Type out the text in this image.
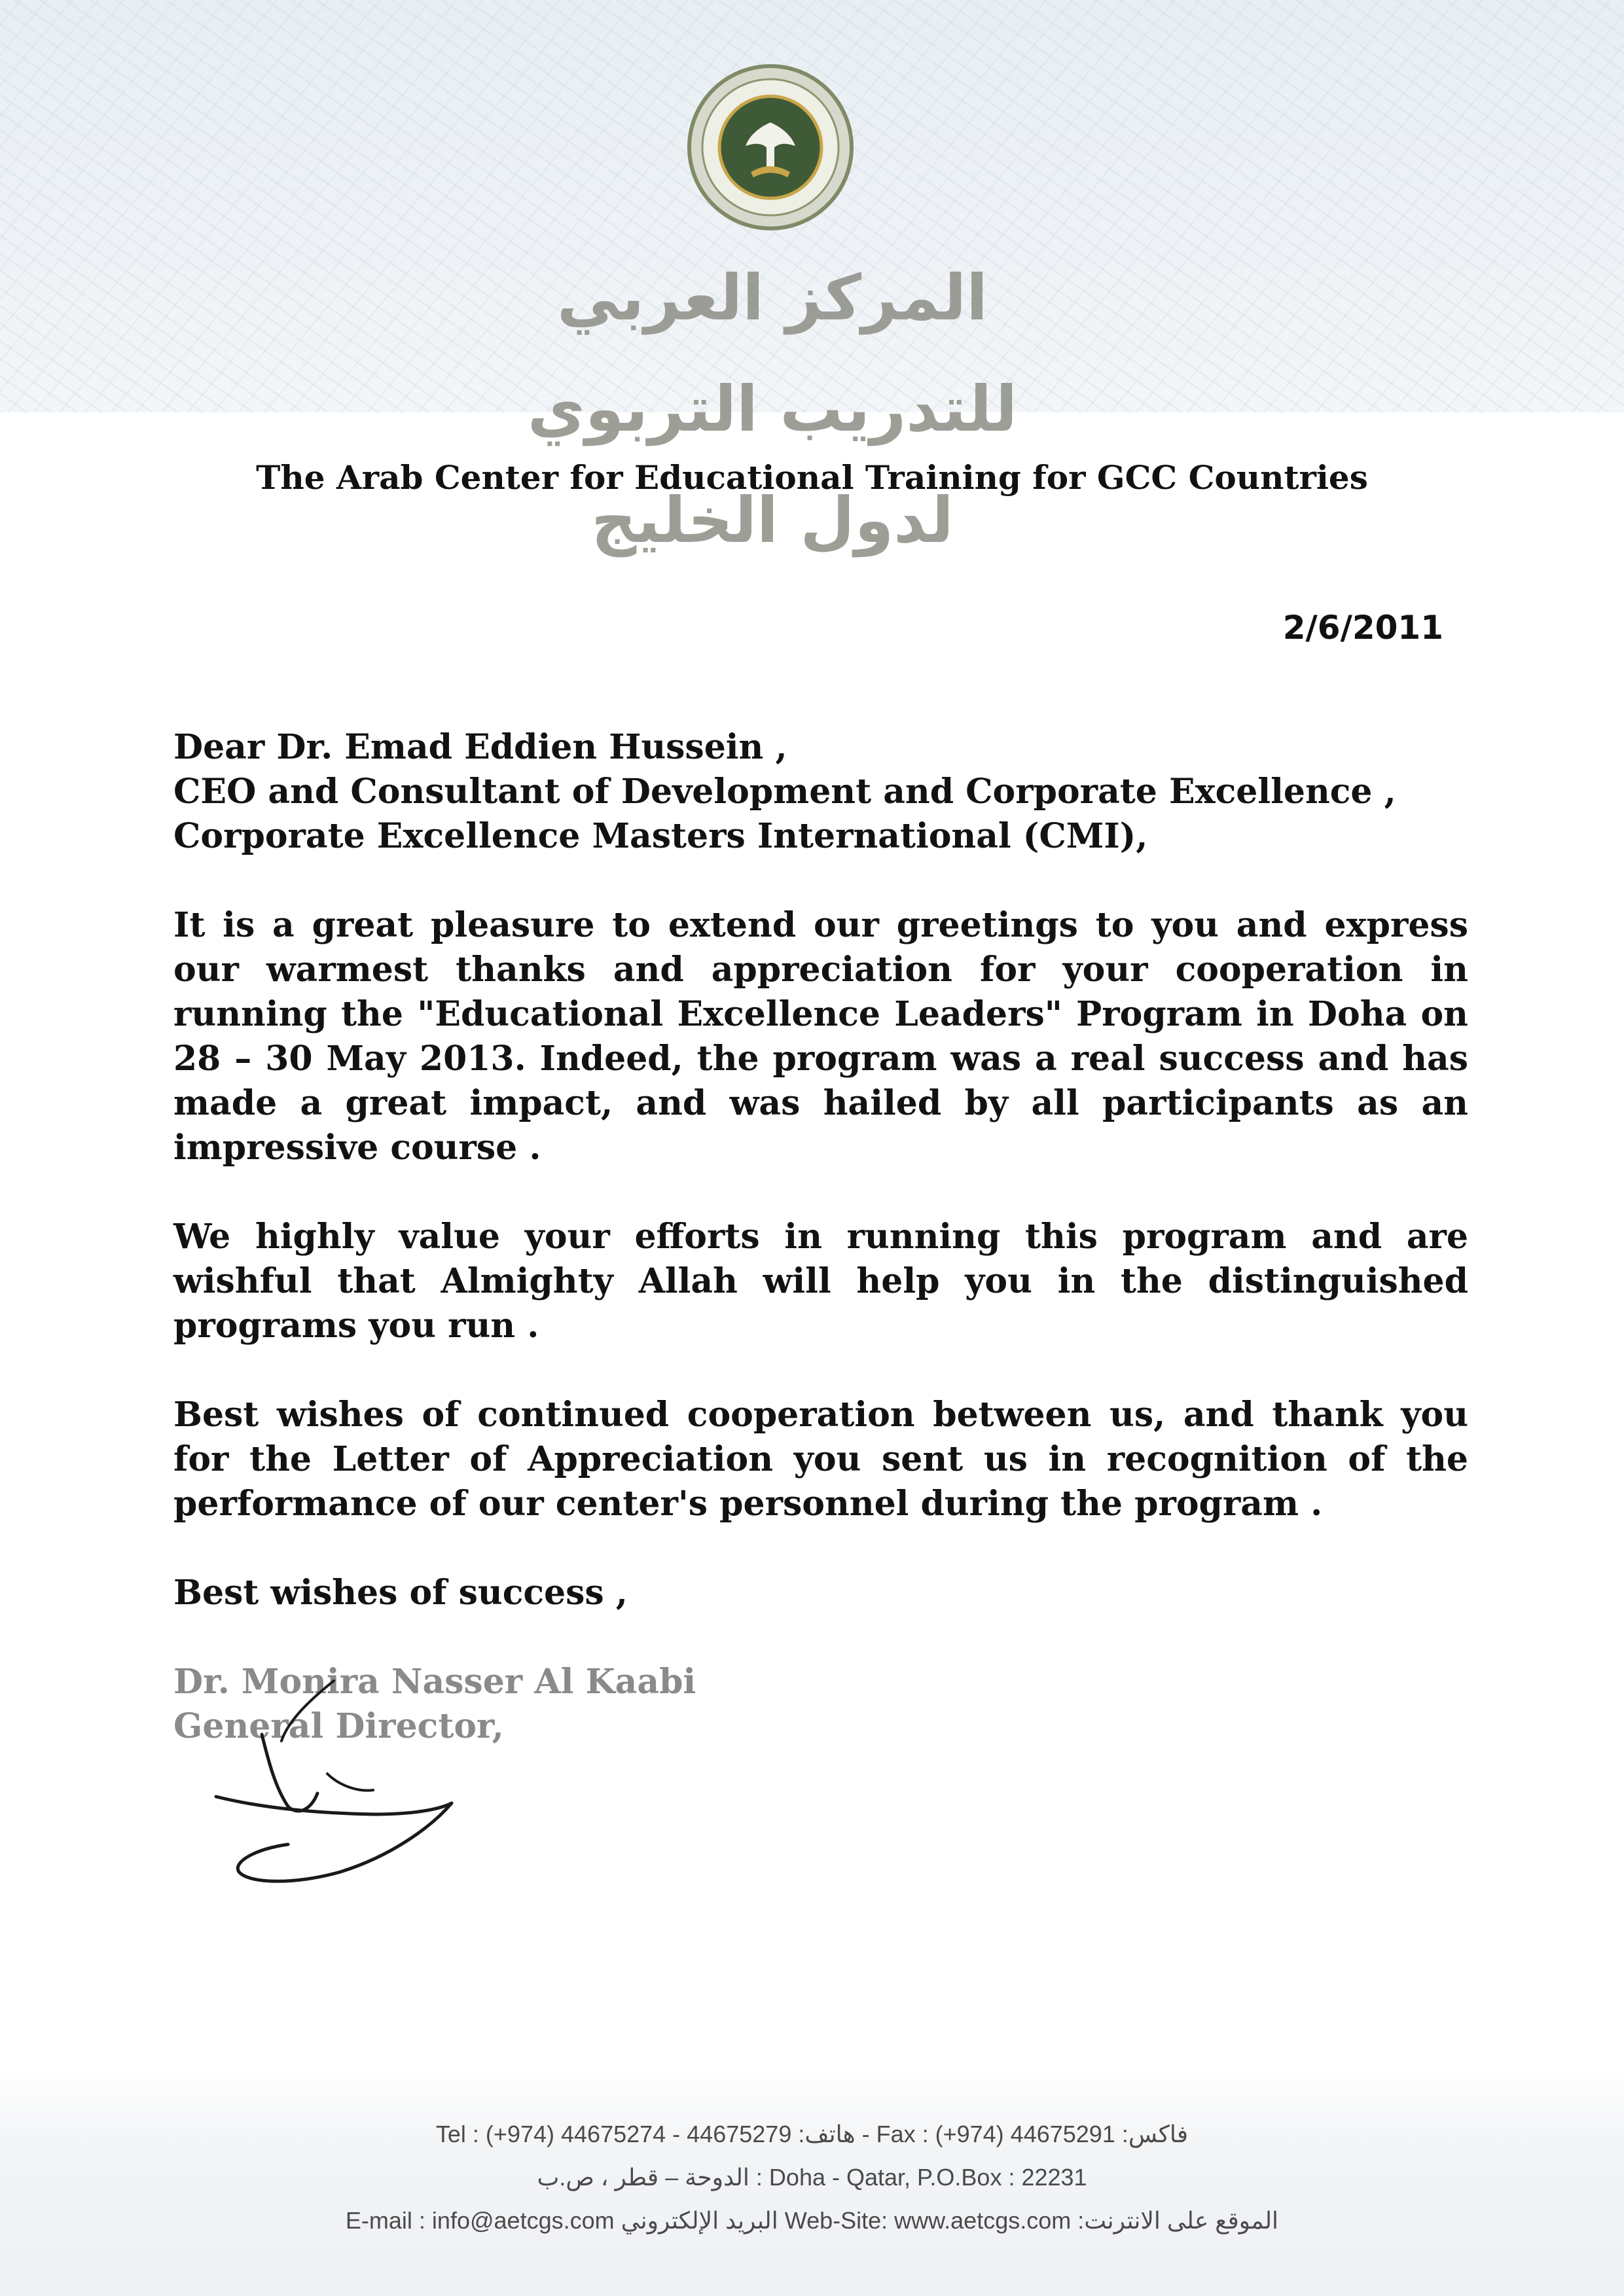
المركز العربي للتدريب التربوي لدول الخليج
The Arab Center for Educational Training for GCC Countries
2/6/2011

Dear Dr. Emad Eddien Hussein ,
CEO and Consultant of Development and Corporate Excellence ,
Corporate Excellence Masters International (CMI),

It is a great pleasure to extend our greetings to you and express our warmest thanks and appreciation for your cooperation in running the "Educational Excellence Leaders" Program in Doha on 28 – 30 May 2013. Indeed, the program was a real success and has made a great impact, and was hailed by all participants as an impressive course .

We highly value your efforts in running this program and are wishful that Almighty Allah will help you in the distinguished programs you run .

Best wishes of continued cooperation between us, and thank you for the Letter of Appreciation you sent us in recognition of the performance of our center's personnel during the program .

Best wishes of success ,

Dr. Monira Nasser Al Kaabi
General Director,

Tel : (+974) 44675274 - 44675279 :هاتف - Fax : (+974) 44675291 :فاكس
الدوحة – قطر ، ص.ب : Doha - Qatar, P.O.Box : 22231
E-mail : info@aetcgs.com البريد الإلكتروني Web-Site: www.aetcgs.com :الموقع على الانترنت
